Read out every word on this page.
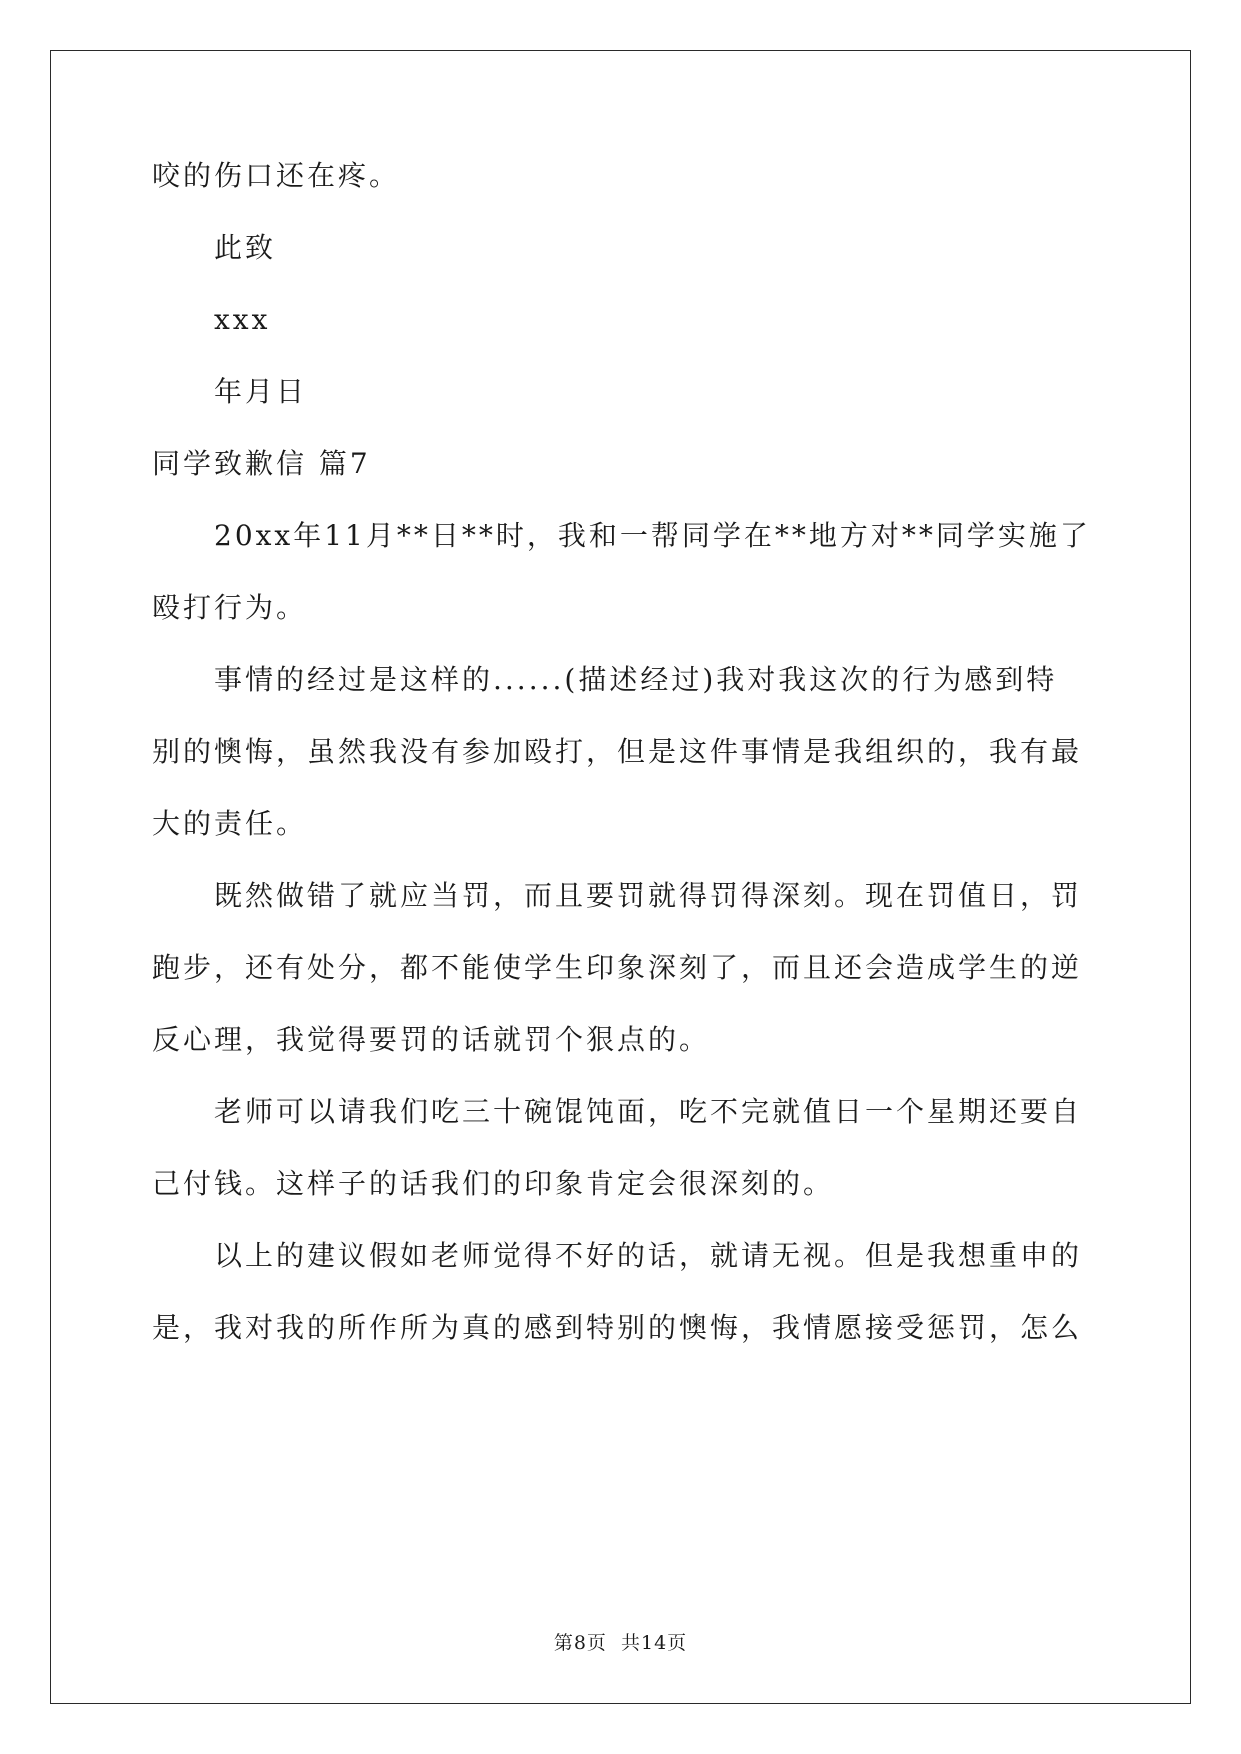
咬的伤口还在疼。
此致
xxx
年月日
同学致歉信 篇7
20xx年11月**日**时，我和一帮同学在**地方对**同学实施了
殴打行为。
事情的经过是这样的......(描述经过)我对我这次的行为感到特
别的懊悔，虽然我没有参加殴打，但是这件事情是我组织的，我有最
大的责任。
既然做错了就应当罚，而且要罚就得罚得深刻。现在罚值日，罚
跑步，还有处分，都不能使学生印象深刻了，而且还会造成学生的逆
反心理，我觉得要罚的话就罚个狠点的。
老师可以请我们吃三十碗馄饨面，吃不完就值日一个星期还要自
己付钱。这样子的话我们的印象肯定会很深刻的。
以上的建议假如老师觉得不好的话，就请无视。但是我想重申的
是，我对我的所作所为真的感到特别的懊悔，我情愿接受惩罚，怎么
第8页  共14页
